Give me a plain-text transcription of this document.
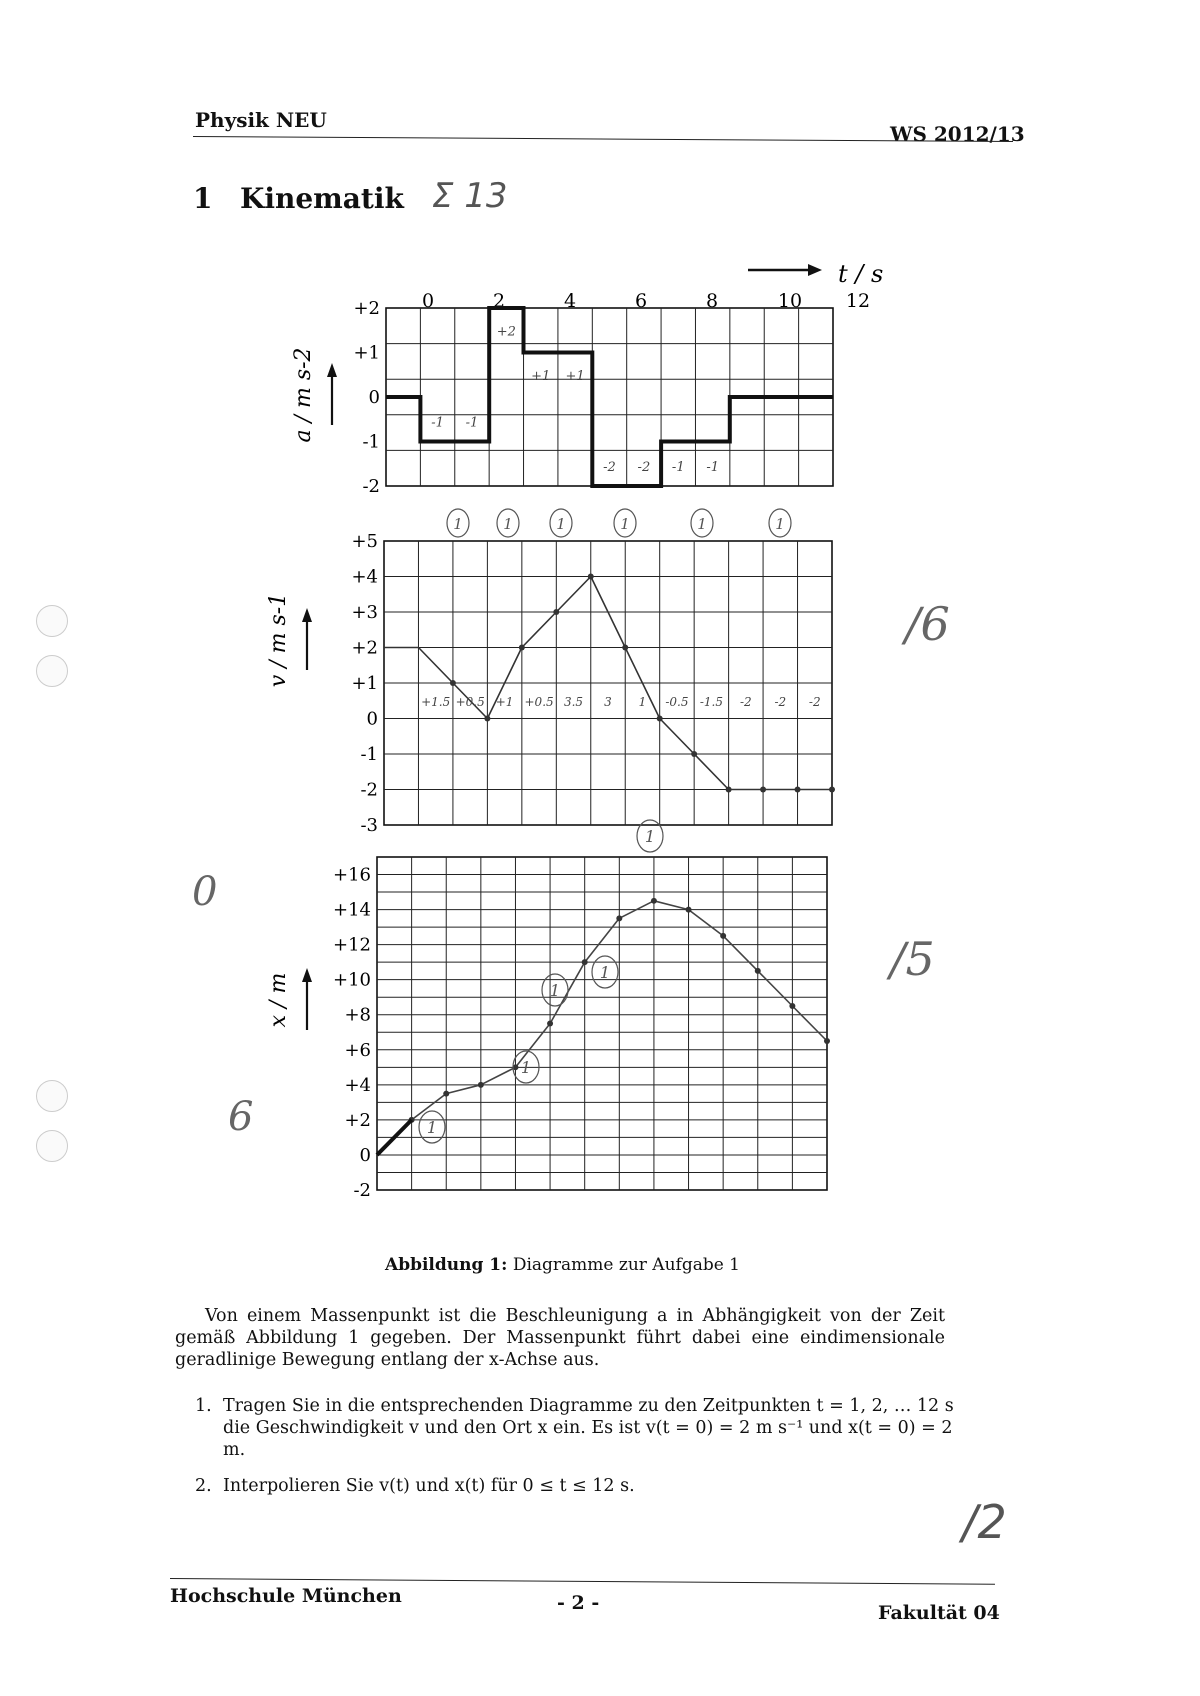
Physik NEU
WS 2012/13
1 Kinematik Σ 13
t / s
0	2	4	6	8	10 12
a / m s-2
v / m s-1
x / m
+2
+1
0
-1
-2
-1 -1
+2
+1 +1
-2 -2 -1 -1
+5
+4
+3
+2
+1
0
-1
-2
-3
+1.5 +0.5 +1 +0.5 3.5 3 1 -0.5 -1.5 -2 -2 -2
1	1	1	1	1	1
/6
+16
+14
+12
+10
+8
+6
+4
+2
0
-2
1
1
1
1
1
0
6
/5
Abbildung 1: Diagramme zur Aufgabe 1
Von einem Massenpunkt ist die Beschleunigung a in Abhängigkeit von der Zeit gemäß Abbildung 1 gegeben. Der Massenpunkt führt dabei eine eindimensionale geradlinige Bewegung entlang der x-Achse aus.
1. Tragen Sie in die entsprechenden Diagramme zu den Zeitpunkten t = 1, 2, … 12 s die Geschwindigkeit v und den Ort x ein. Es ist v(t = 0) = 2 m s⁻¹ und x(t = 0) = 2 m.
2. Interpolieren Sie v(t) und x(t) für 0 ≤ t ≤ 12 s.
/2
Hochschule München	- 2 -	Fakultät 04
